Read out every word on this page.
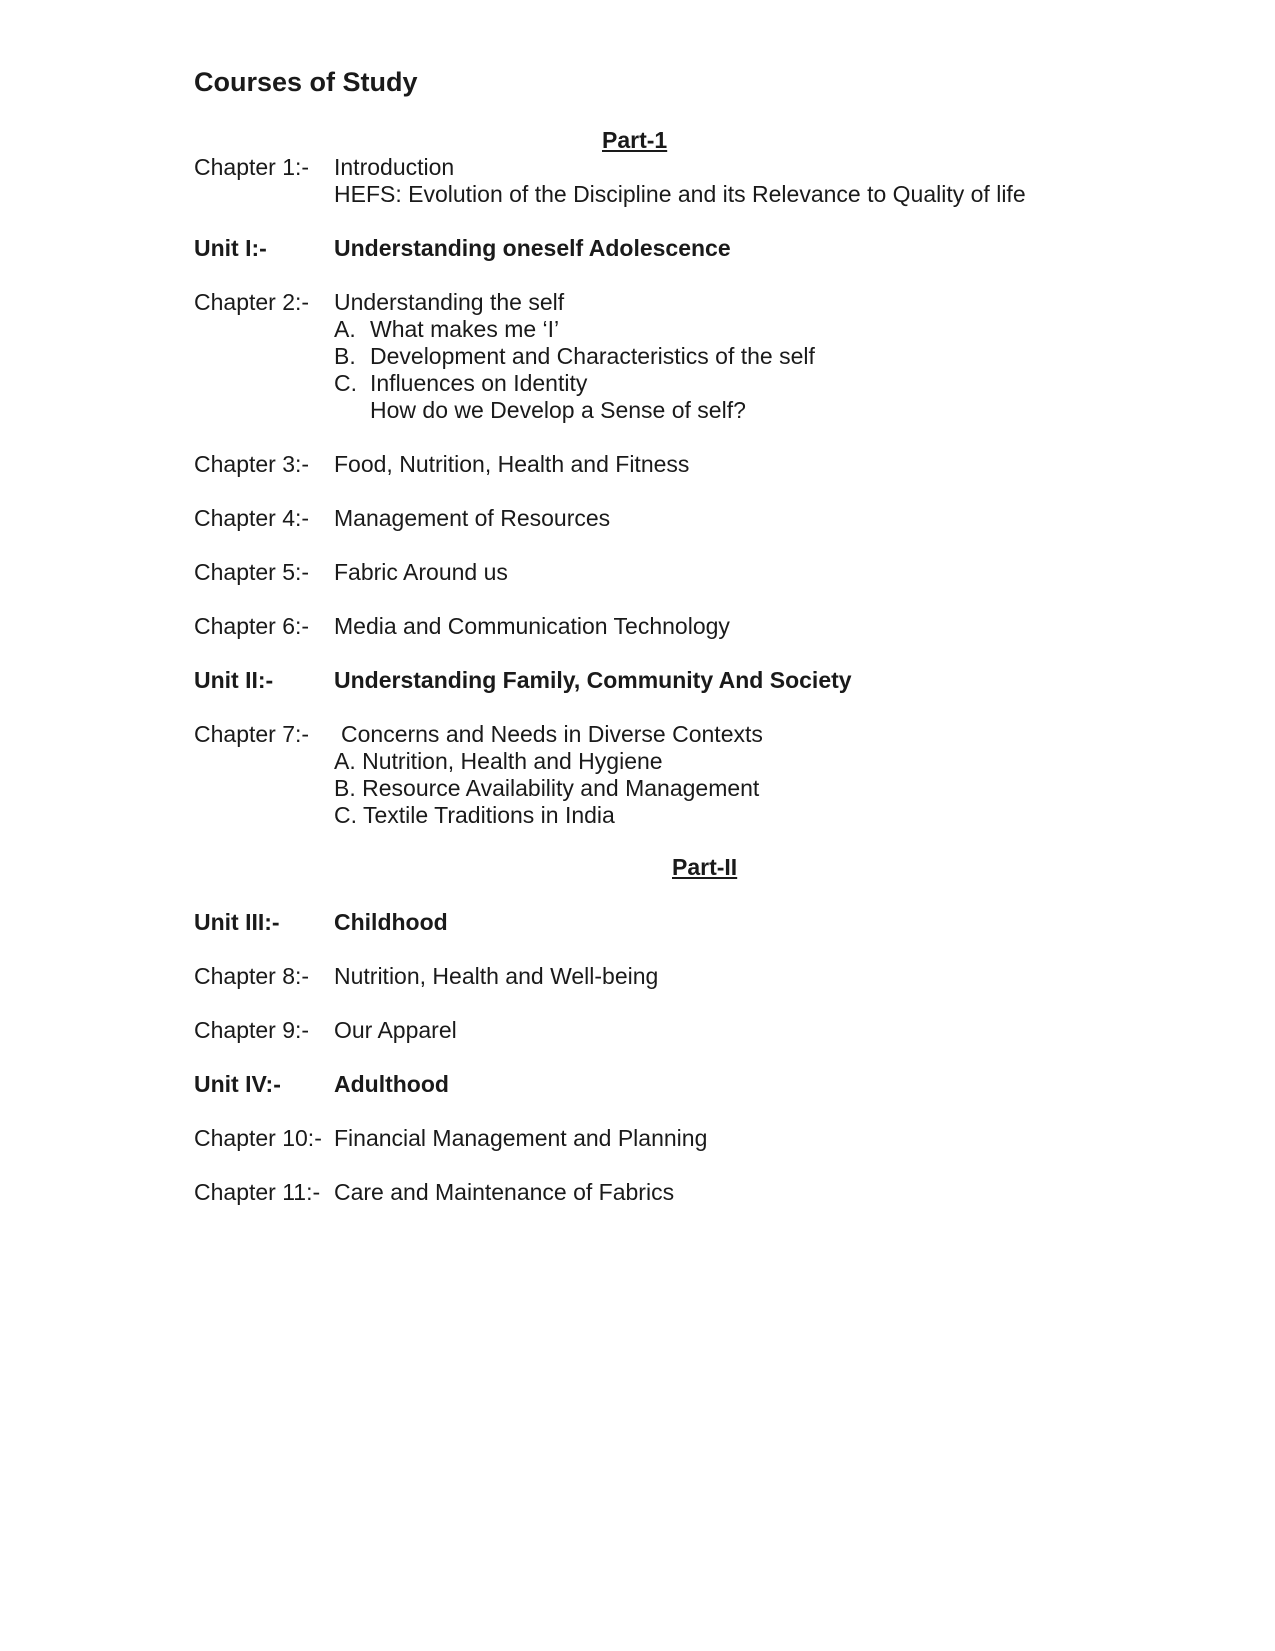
Courses of Study
Part-1
Chapter 1:- Introduction
HEFS: Evolution of the Discipline and its Relevance to Quality of life
Unit I:-	Understanding oneself Adolescence
Chapter 2:- Understanding the self
A. What makes me ‘I’
B. Development and Characteristics of the self
C. Influences on Identity
How do we Develop a Sense of self?
Chapter 3:- Food, Nutrition, Health and Fitness
Chapter 4:- Management of Resources
Chapter 5:- Fabric Around us
Chapter 6:- Media and Communication Technology
Unit II:-	Understanding Family, Community And Society
Chapter 7:- Concerns and Needs in Diverse Contexts
A. Nutrition, Health and Hygiene
B. Resource Availability and Management
C. Textile Traditions in India
Part-II
Unit III:- Childhood
Chapter 8:- Nutrition, Health and Well-being
Chapter 9:- Our Apparel
Unit IV:- Adulthood
Chapter 10:- Financial Management and Planning
Chapter 11:- Care and Maintenance of Fabrics
